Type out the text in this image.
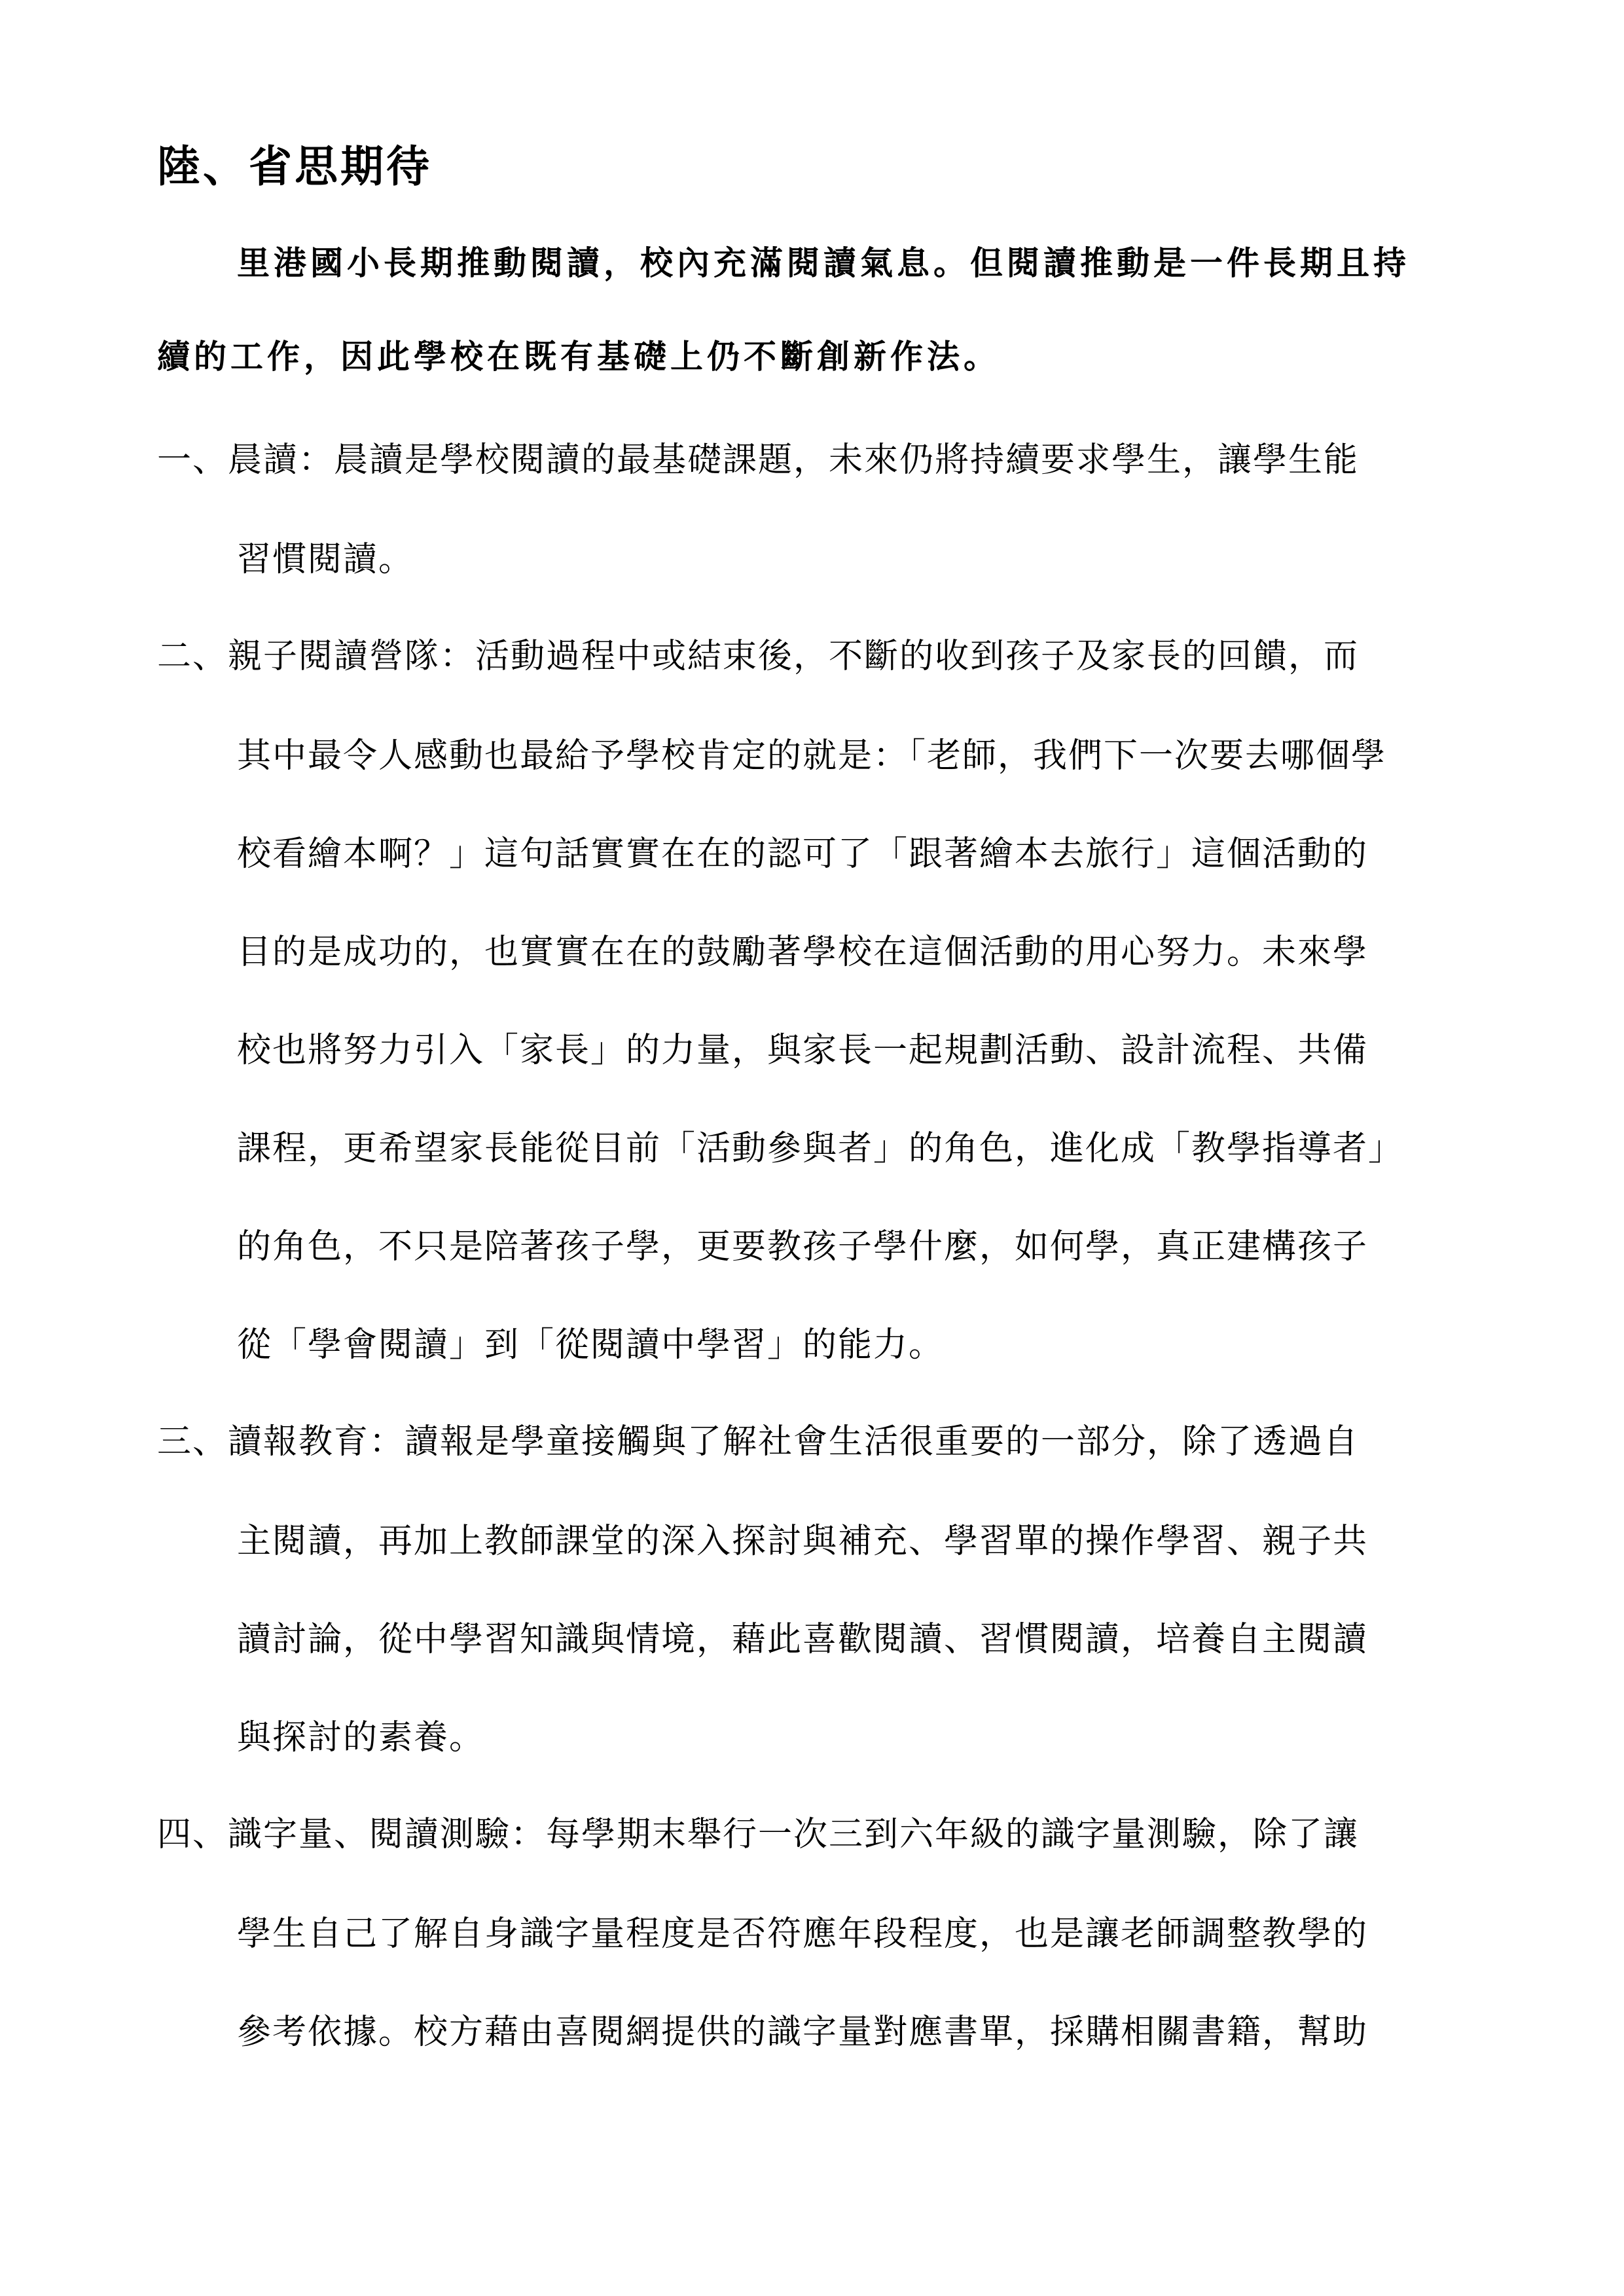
陸、省思期待
里港國小長期推動閱讀，校內充滿閱讀氣息。但閱讀推動是一件長期且持
續的工作，因此學校在既有基礎上仍不斷創新作法。
一、晨讀：晨讀是學校閱讀的最基礎課題，未來仍將持續要求學生，讓學生能
習慣閱讀。
二、親子閱讀營隊：活動過程中或結束後，不斷的收到孩子及家長的回饋，而
其中最令人感動也最給予學校肯定的就是：「老師，我們下一次要去哪個學
校看繪本啊？」這句話實實在在的認可了「跟著繪本去旅行」這個活動的
目的是成功的，也實實在在的鼓勵著學校在這個活動的用心努力。未來學
校也將努力引入「家長」的力量，與家長一起規劃活動、設計流程、共備
課程，更希望家長能從目前「活動參與者」的角色，進化成「教學指導者」
的角色，不只是陪著孩子學，更要教孩子學什麼，如何學，真正建構孩子
從「學會閱讀」到「從閱讀中學習」的能力。
三、讀報教育：讀報是學童接觸與了解社會生活很重要的一部分，除了透過自
主閱讀，再加上教師課堂的深入探討與補充、學習單的操作學習、親子共
讀討論，從中學習知識與情境，藉此喜歡閱讀、習慣閱讀，培養自主閱讀
與探討的素養。
四、識字量、閱讀測驗：每學期末舉行一次三到六年級的識字量測驗，除了讓
學生自己了解自身識字量程度是否符應年段程度，也是讓老師調整教學的
參考依據。校方藉由喜閱網提供的識字量對應書單，採購相關書籍，幫助
